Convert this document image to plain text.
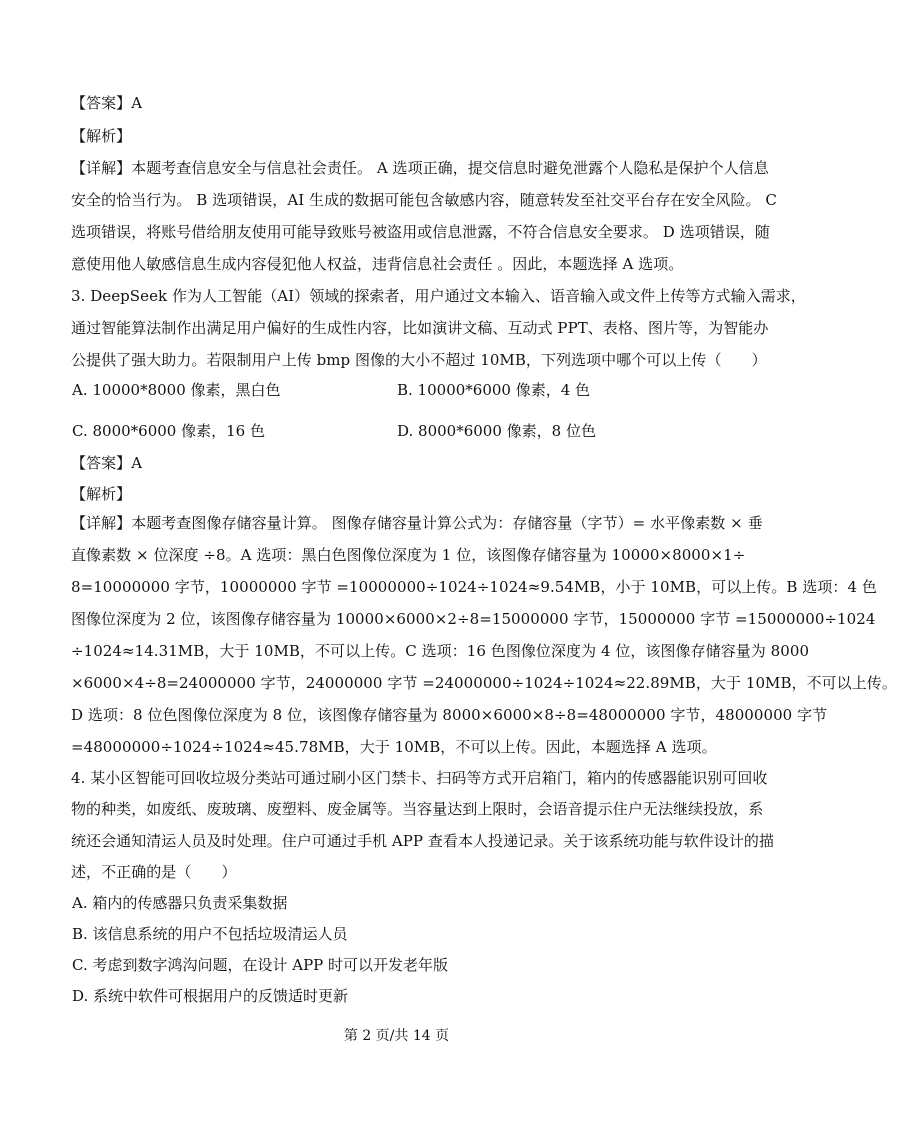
【答案】A
【解析】
【详解】本题考查信息安全与信息社会责任。 A 选项正确，提交信息时避免泄露个人隐私是保护个人信息
安全的恰当行为。 B 选项错误，AI 生成的数据可能包含敏感内容，随意转发至社交平台存在安全风险。 C
选项错误，将账号借给朋友使用可能导致账号被盗用或信息泄露，不符合信息安全要求。 D 选项错误，随
意使用他人敏感信息生成内容侵犯他人权益，违背信息社会责任 。因此，本题选择 A 选项。
3. DeepSeek 作为人工智能（AI）领域的探索者，用户通过文本输入、语音输入或文件上传等方式输入需求，
通过智能算法制作出满足用户偏好的生成性内容，比如演讲文稿、互动式 PPT、表格、图片等，为智能办
公提供了强大助力。若限制用户上传 bmp 图像的大小不超过 10MB，下列选项中哪个可以上传（　　）
A. 10000*8000 像素，黑白色	B. 10000*6000 像素，4 色
C. 8000*6000 像素，16 色	D. 8000*6000 像素，8 位色
【答案】A
【解析】
【详解】本题考查图像存储容量计算。 图像存储容量计算公式为：存储容量（字节）= 水平像素数 × 垂
直像素数 × 位深度 ÷8。A 选项：黑白色图像位深度为 1 位，该图像存储容量为 10000×8000×1÷
8=10000000 字节，10000000 字节 =10000000÷1024÷1024≈9.54MB，小于 10MB，可以上传。B 选项：4 色
图像位深度为 2 位，该图像存储容量为 10000×6000×2÷8=15000000 字节，15000000 字节 =15000000÷1024
÷1024≈14.31MB，大于 10MB，不可以上传。C 选项：16 色图像位深度为 4 位，该图像存储容量为 8000
×6000×4÷8=24000000 字节，24000000 字节 =24000000÷1024÷1024≈22.89MB，大于 10MB，不可以上传。
D 选项：8 位色图像位深度为 8 位，该图像存储容量为 8000×6000×8÷8=48000000 字节，48000000 字节
=48000000÷1024÷1024≈45.78MB，大于 10MB，不可以上传。因此，本题选择 A 选项。
4. 某小区智能可回收垃圾分类站可通过刷小区门禁卡、扫码等方式开启箱门，箱内的传感器能识别可回收
物的种类，如废纸、废玻璃、废塑料、废金属等。当容量达到上限时，会语音提示住户无法继续投放，系
统还会通知清运人员及时处理。住户可通过手机 APP 查看本人投递记录。关于该系统功能与软件设计的描
述，不正确的是（　　）
A. 箱内的传感器只负责采集数据
B. 该信息系统的用户不包括垃圾清运人员
C. 考虑到数字鸿沟问题，在设计 APP 时可以开发老年版
D. 系统中软件可根据用户的反馈适时更新
第 2 页/共 14 页
